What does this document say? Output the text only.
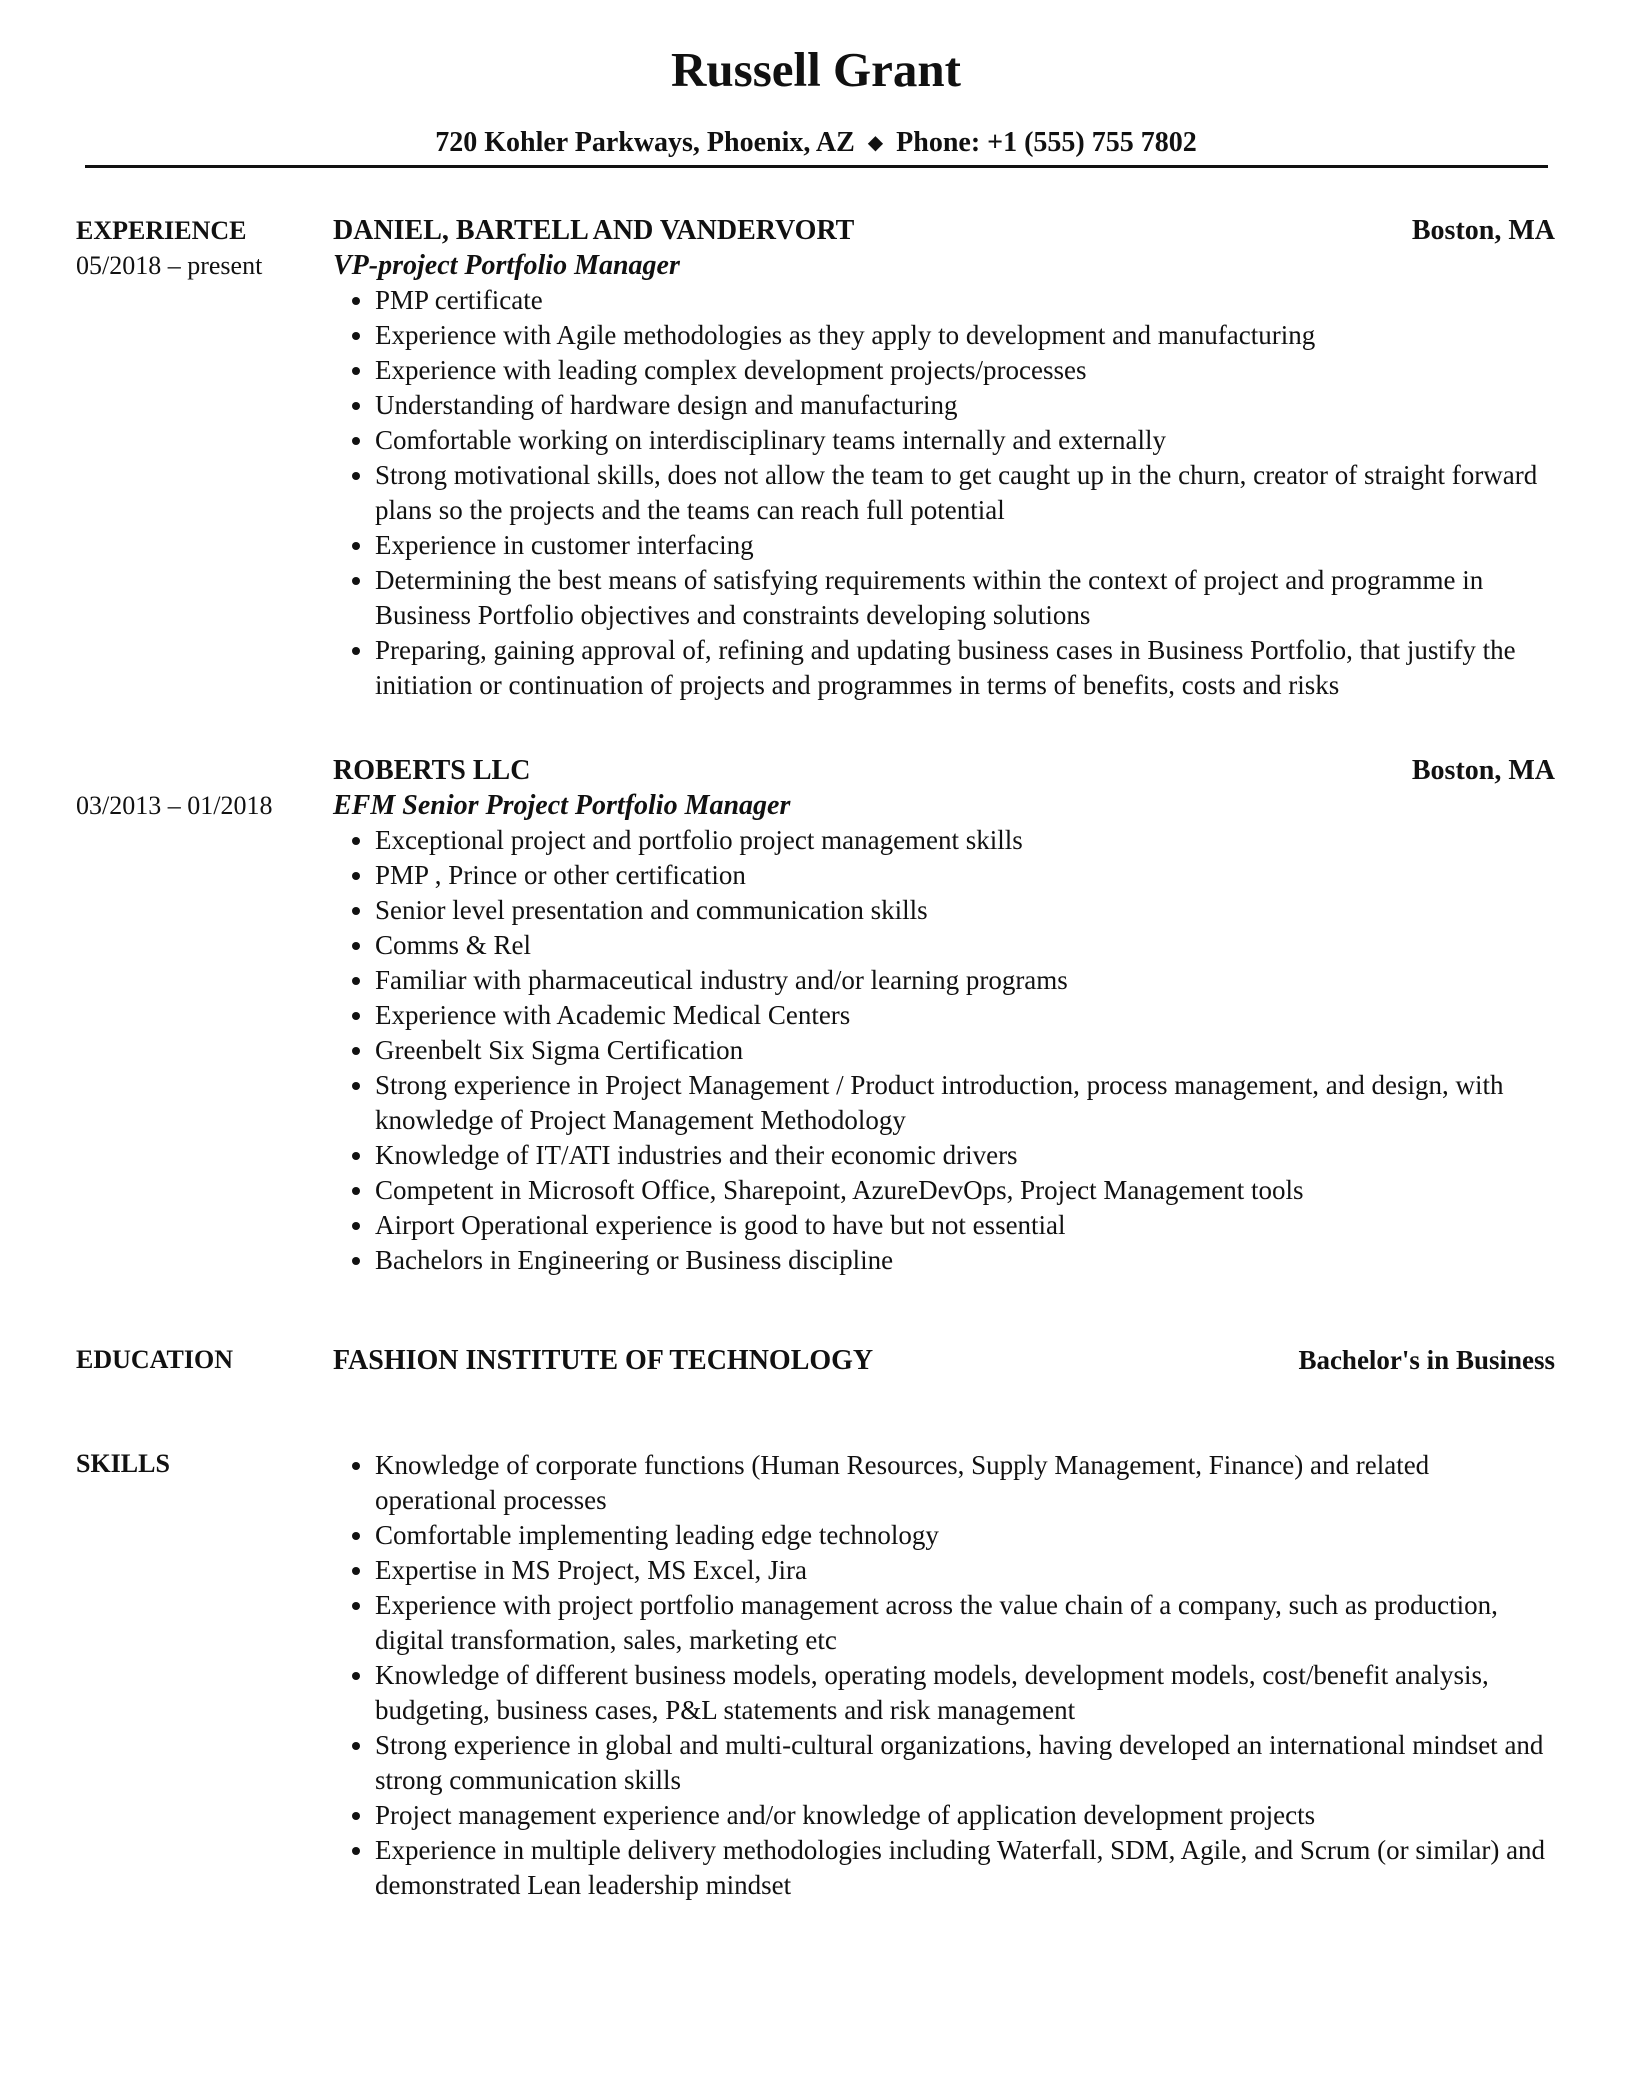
Russell Grant
720 Kohler Parkways, Phoenix, AZ ◆ Phone: +1 (555) 755 7802
EXPERIENCE
05/2018 – present
DANIEL, BARTELL AND VANDERVORT	Boston, MA
VP-project Portfolio Manager
PMP certificate
Experience with Agile methodologies as they apply to development and manufacturing
Experience with leading complex development projects/processes
Understanding of hardware design and manufacturing
Comfortable working on interdisciplinary teams internally and externally
Strong motivational skills, does not allow the team to get caught up in the churn, creator of straight forward plans so the projects and the teams can reach full potential
Experience in customer interfacing
Determining the best means of satisfying requirements within the context of project and programme in Business Portfolio objectives and constraints developing solutions
Preparing, gaining approval of, refining and updating business cases in Business Portfolio, that justify the initiation or continuation of projects and programmes in terms of benefits, costs and risks
03/2013 – 01/2018
ROBERTS LLC	Boston, MA
EFM Senior Project Portfolio Manager
Exceptional project and portfolio project management skills
PMP , Prince or other certification
Senior level presentation and communication skills
Comms & Rel
Familiar with pharmaceutical industry and/or learning programs
Experience with Academic Medical Centers
Greenbelt Six Sigma Certification
Strong experience in Project Management / Product introduction, process management, and design, with knowledge of Project Management Methodology
Knowledge of IT/ATI industries and their economic drivers
Competent in Microsoft Office, Sharepoint, AzureDevOps, Project Management tools
Airport Operational experience is good to have but not essential
Bachelors in Engineering or Business discipline
EDUCATION	FASHION INSTITUTE OF TECHNOLOGY	Bachelor's in Business
SKILLS	Knowledge of corporate functions (Human Resources, Supply Management, Finance) and related operational processes
Comfortable implementing leading edge technology
Expertise in MS Project, MS Excel, Jira
Experience with project portfolio management across the value chain of a company, such as production, digital transformation, sales, marketing etc
Knowledge of different business models, operating models, development models, cost/benefit analysis, budgeting, business cases, P&L statements and risk management
Strong experience in global and multi-cultural organizations, having developed an international mindset and strong communication skills
Project management experience and/or knowledge of application development projects
Experience in multiple delivery methodologies including Waterfall, SDM, Agile, and Scrum (or similar) and demonstrated Lean leadership mindset
